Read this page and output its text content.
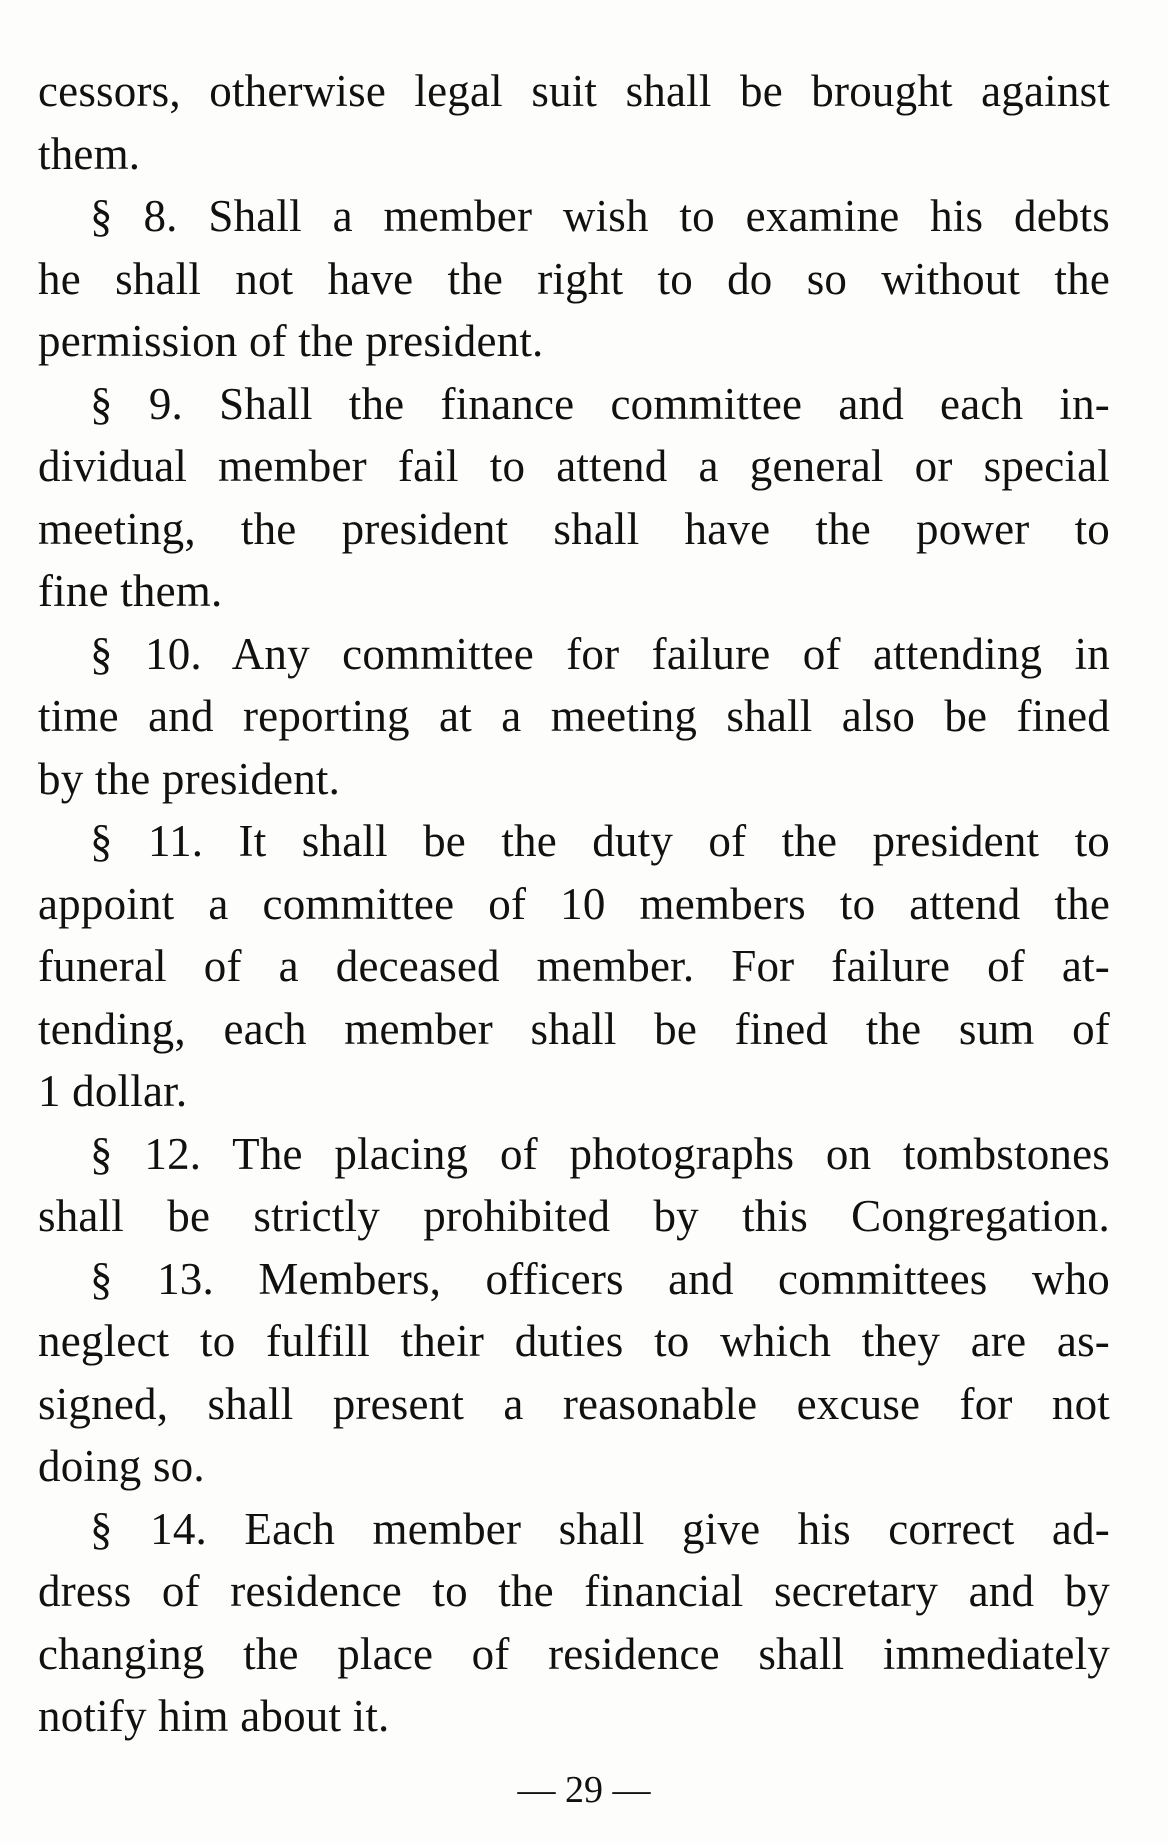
cessors, otherwise legal suit shall be brought against
them.
§ 8. Shall a member wish to examine his debts
he shall not have the right to do so without the
permission of the president.
§ 9. Shall the finance committee and each in-
dividual member fail to attend a general or special
meeting, the president shall have the power to
fine them.
§ 10. Any committee for failure of attending in
time and reporting at a meeting shall also be fined
by the president.
§ 11. It shall be the duty of the president to
appoint a committee of 10 members to attend the
funeral of a deceased member. For failure of at-
tending, each member shall be fined the sum of
1 dollar.
§ 12. The placing of photographs on tombstones
shall be strictly prohibited by this Congregation.
§ 13. Members, officers and committees who
neglect to fulfill their duties to which they are as-
signed, shall present a reasonable excuse for not
doing so.
§ 14. Each member shall give his correct ad-
dress of residence to the financial secretary and by
changing the place of residence shall immediately
notify him about it.
— 29 —
